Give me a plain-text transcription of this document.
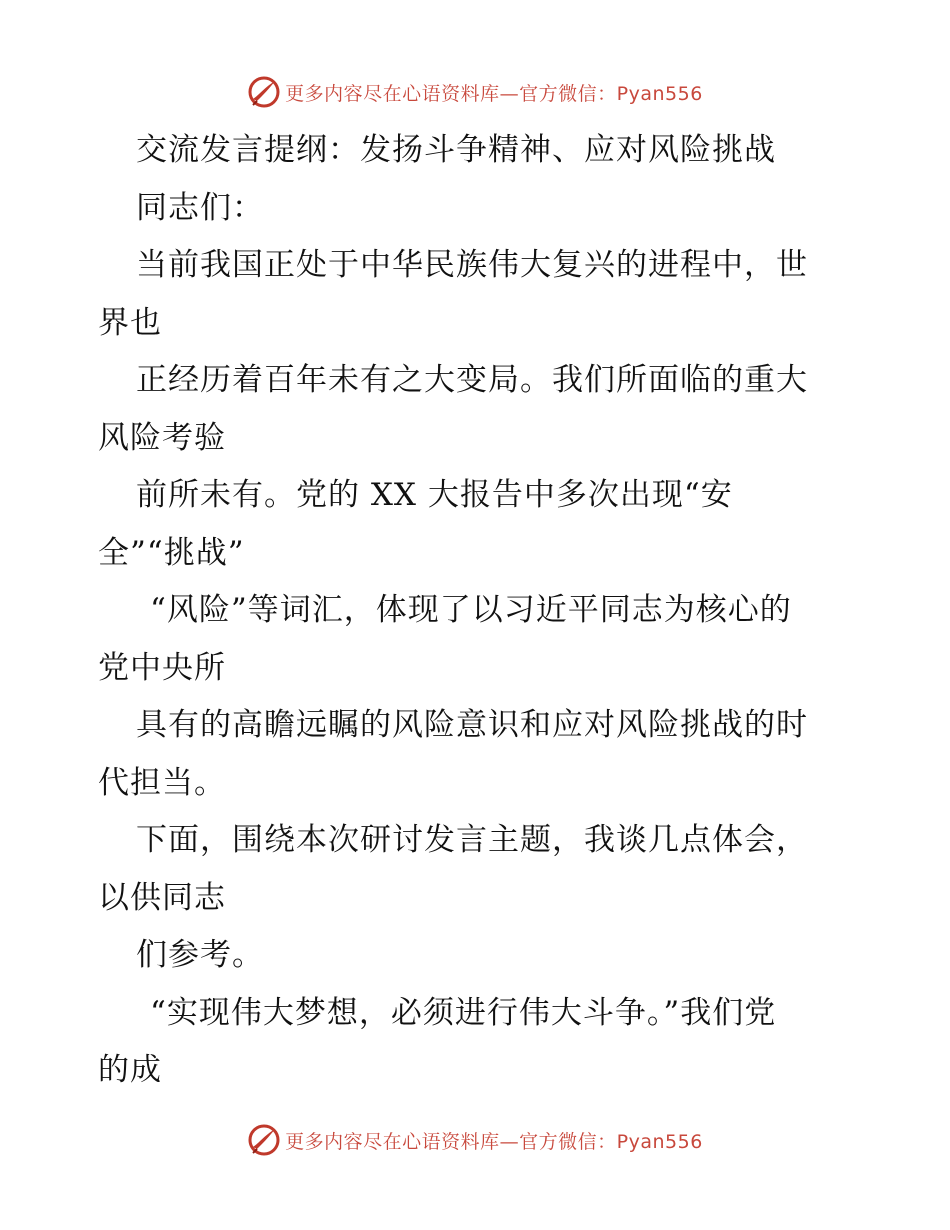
更多内容尽在心语资料库—官方微信：Pyan556
交流发言提纲：发扬斗争精神、应对风险挑战
同志们：
当前我国正处于中华民族伟大复兴的进程中，世
界也
正经历着百年未有之大变局。我们所面临的重大
风险考验
前所未有。党的 XX 大报告中多次出现“安
全”“挑战”
“风险”等词汇，体现了以习近平同志为核心的
党中央所
具有的高瞻远瞩的风险意识和应对风险挑战的时
代担当。
下面，围绕本次研讨发言主题，我谈几点体会，
以供同志
们参考。
“实现伟大梦想，必须进行伟大斗争。”我们党
的成
更多内容尽在心语资料库—官方微信：Pyan556
